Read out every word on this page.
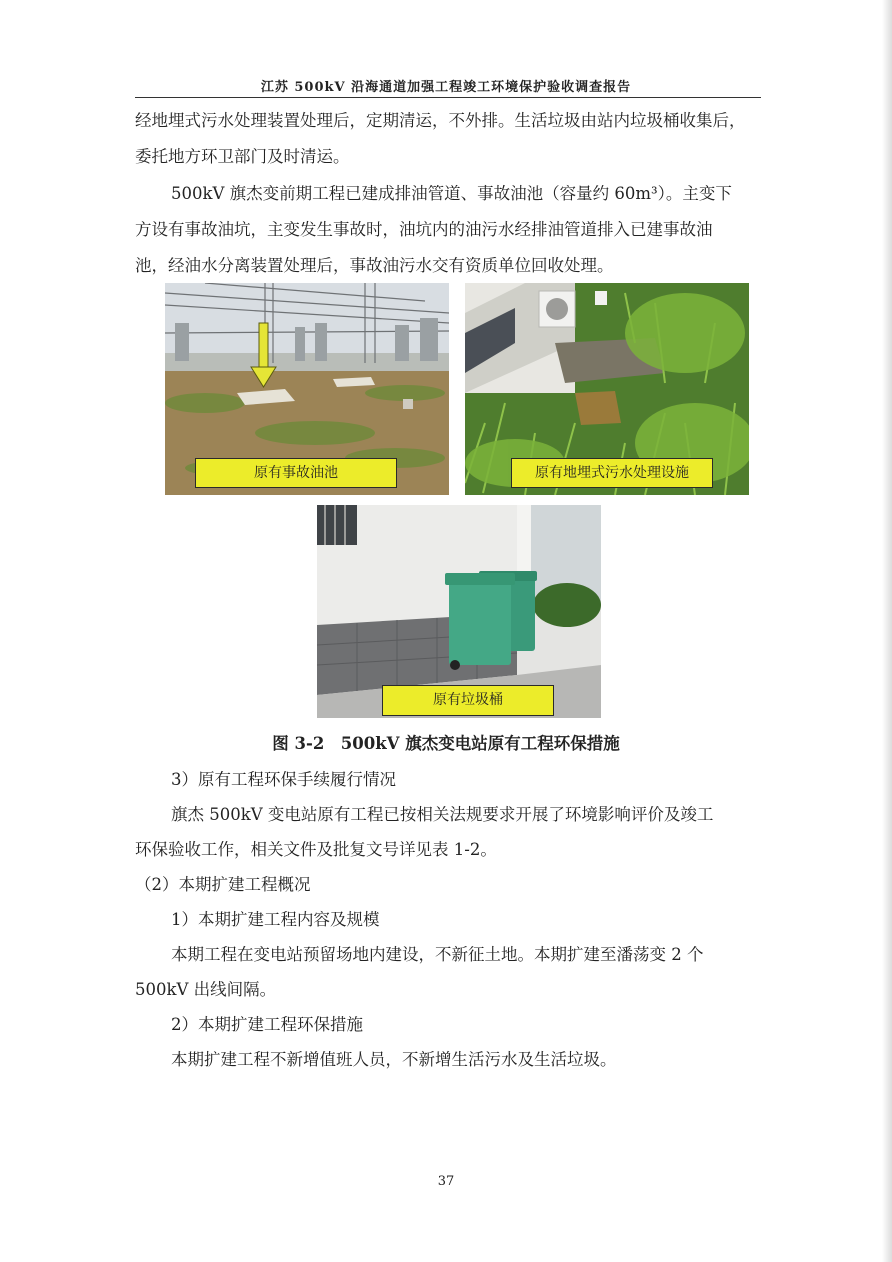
江苏 500kV 沿海通道加强工程竣工环境保护验收调查报告
经地埋式污水处理装置处理后，定期清运，不外排。生活垃圾由站内垃圾桶收集后，委托地方环卫部门及时清运。
500kV 旗杰变前期工程已建成排油管道、事故油池（容量约 60m³）。主变下
方设有事故油坑，主变发生事故时，油坑内的油污水经排油管道排入已建事故油
池，经油水分离装置处理后，事故油污水交有资质单位回收处理。
原有事故油池	原有地埋式污水处理设施
原有垃圾桶
图 3-2　500kV 旗杰变电站原有工程环保措施
3）原有工程环保手续履行情况
旗杰 500kV 变电站原有工程已按相关法规要求开展了环境影响评价及竣工
环保验收工作，相关文件及批复文号详见表 1-2。
（2）本期扩建工程概况
1）本期扩建工程内容及规模
本期工程在变电站预留场地内建设，不新征土地。本期扩建至潘荡变 2 个
500kV 出线间隔。
2）本期扩建工程环保措施
本期扩建工程不新增值班人员，不新增生活污水及生活垃圾。
37
